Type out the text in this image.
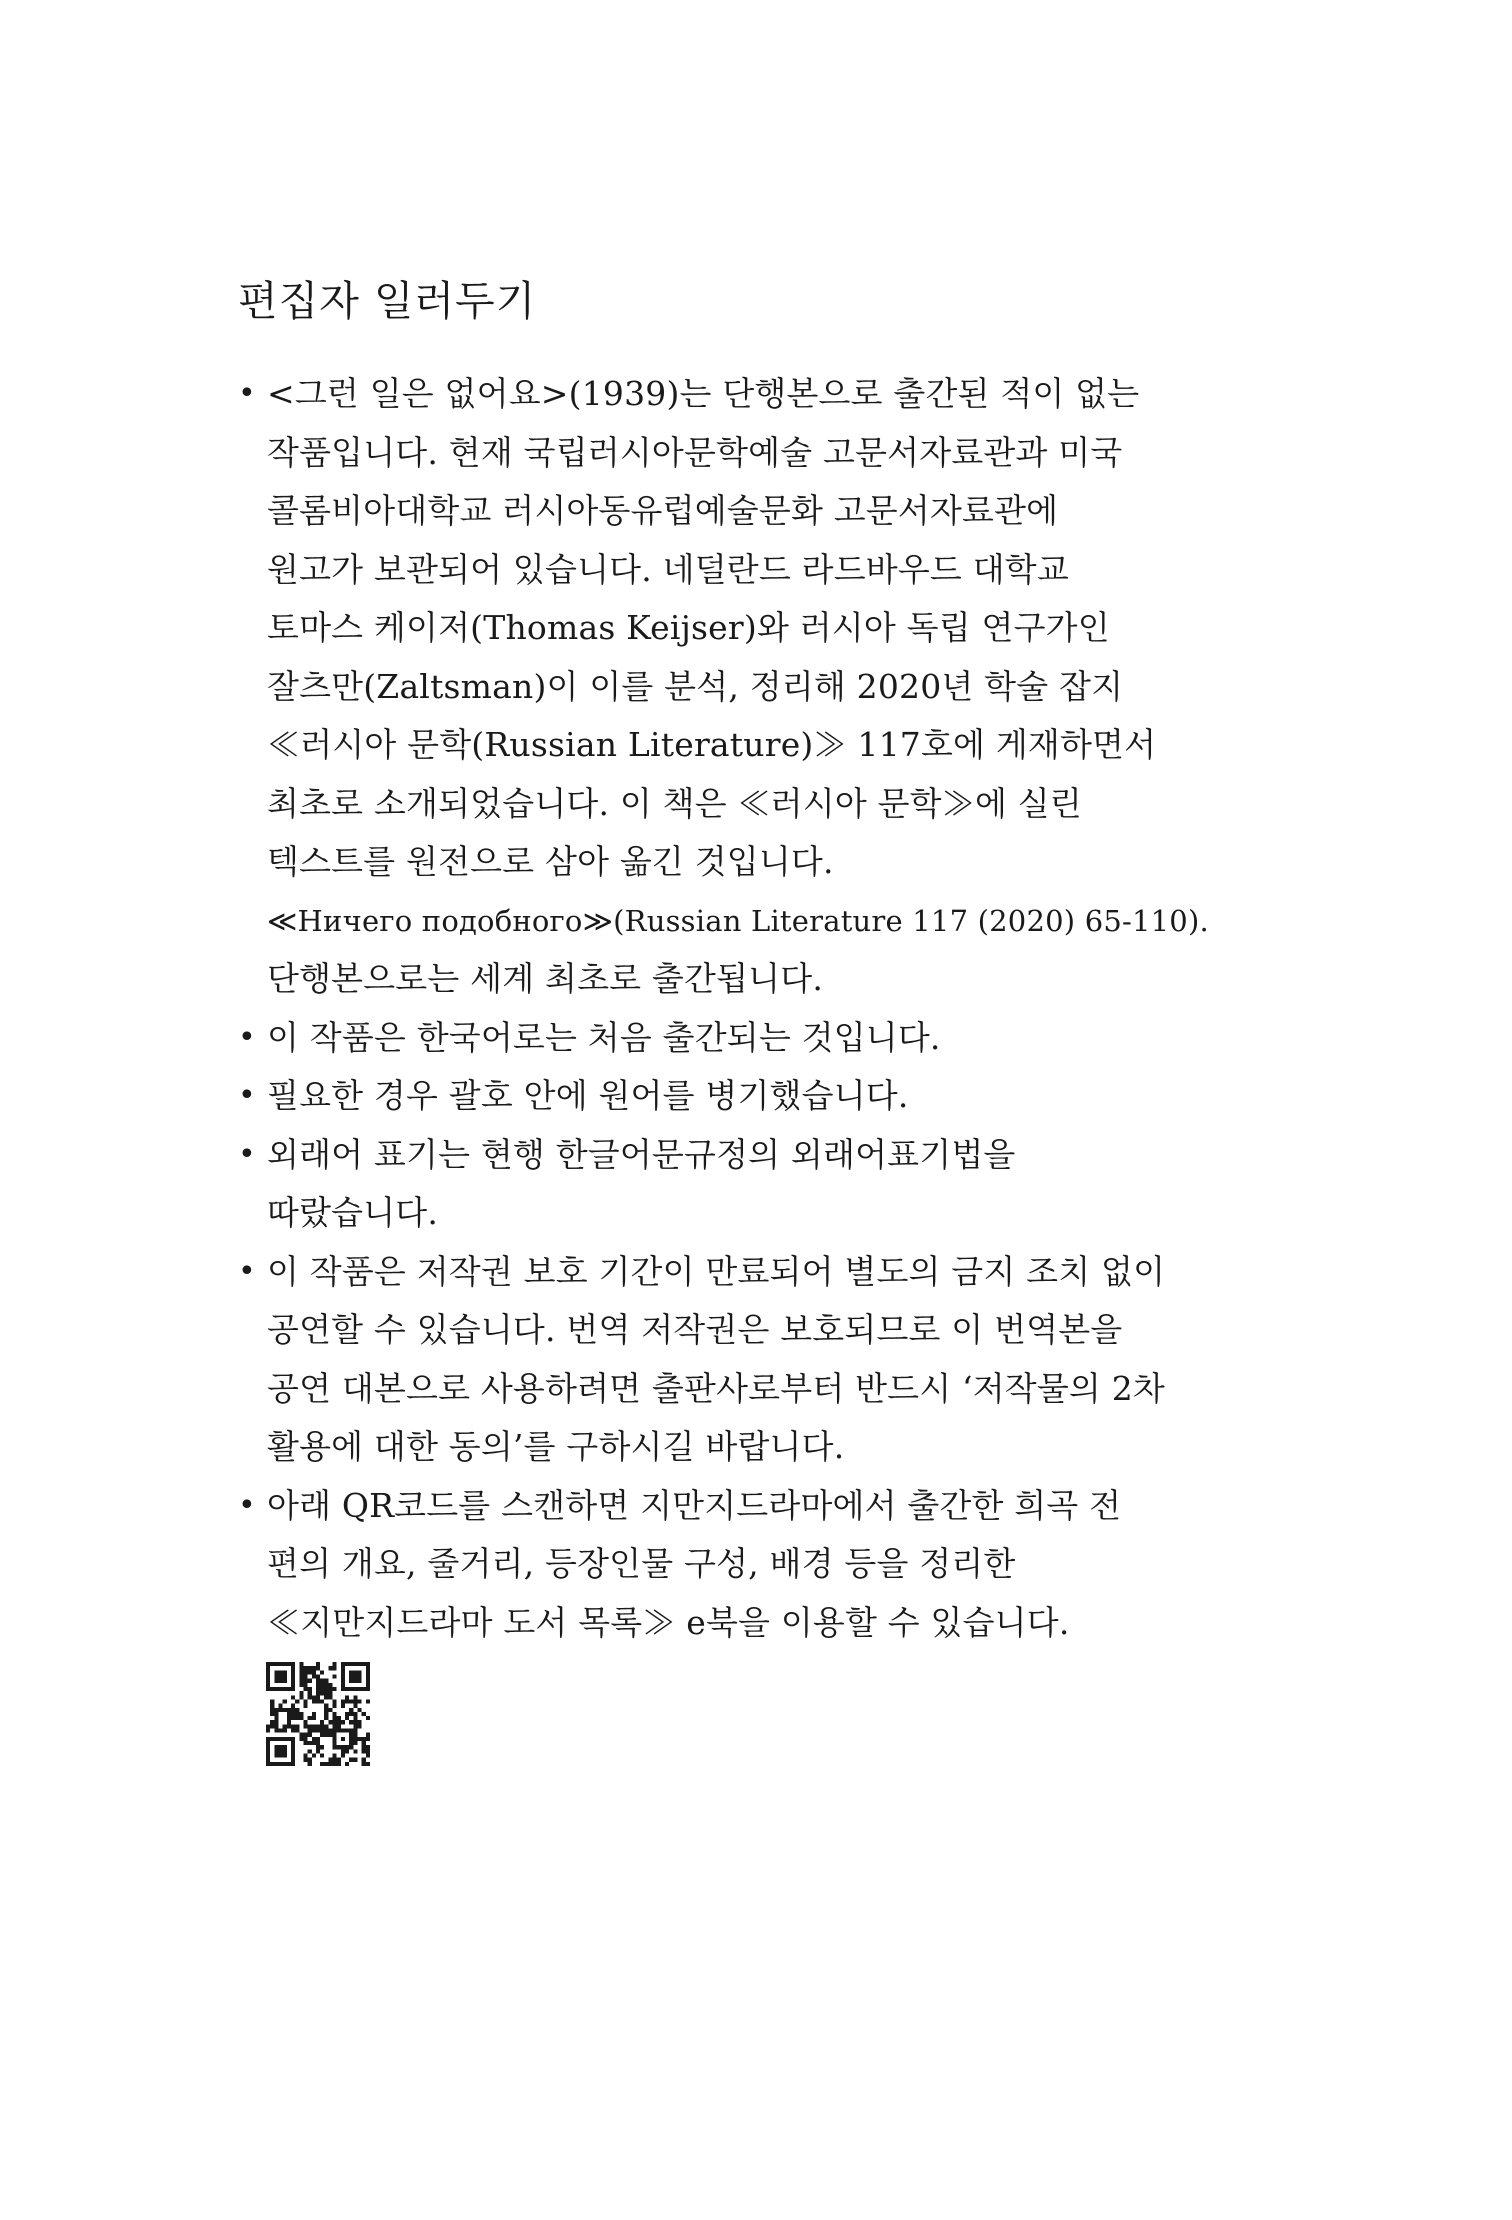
편집자 일러두기
• <그런 일은 없어요>(1939)는 단행본으로 출간된 적이 없는
작품입니다. 현재 국립러시아문학예술 고문서자료관과 미국
콜롬비아대학교 러시아동유럽예술문화 고문서자료관에
원고가 보관되어 있습니다. 네덜란드 라드바우드 대학교
토마스 케이저(Thomas Keijser)와 러시아 독립 연구가인
잘츠만(Zaltsman)이 이를 분석, 정리해 2020년 학술 잡지
≪러시아 문학(Russian Literature)≫ 117호에 게재하면서
최초로 소개되었습니다. 이 책은 ≪러시아 문학≫에 실린
텍스트를 원전으로 삼아 옮긴 것입니다.
≪Ничего подобного≫(Russian Literature 117 (2020) 65-110).
단행본으로는 세계 최초로 출간됩니다.
• 이 작품은 한국어로는 처음 출간되는 것입니다.
• 필요한 경우 괄호 안에 원어를 병기했습니다.
• 외래어 표기는 현행 한글어문규정의 외래어표기법을
따랐습니다.
• 이 작품은 저작권 보호 기간이 만료되어 별도의 금지 조치 없이
공연할 수 있습니다. 번역 저작권은 보호되므로 이 번역본을
공연 대본으로 사용하려면 출판사로부터 반드시 ‘저작물의 2차
활용에 대한 동의’를 구하시길 바랍니다.
• 아래 QR코드를 스캔하면 지만지드라마에서 출간한 희곡 전
편의 개요, 줄거리, 등장인물 구성, 배경 등을 정리한
≪지만지드라마 도서 목록≫ e북을 이용할 수 있습니다.
